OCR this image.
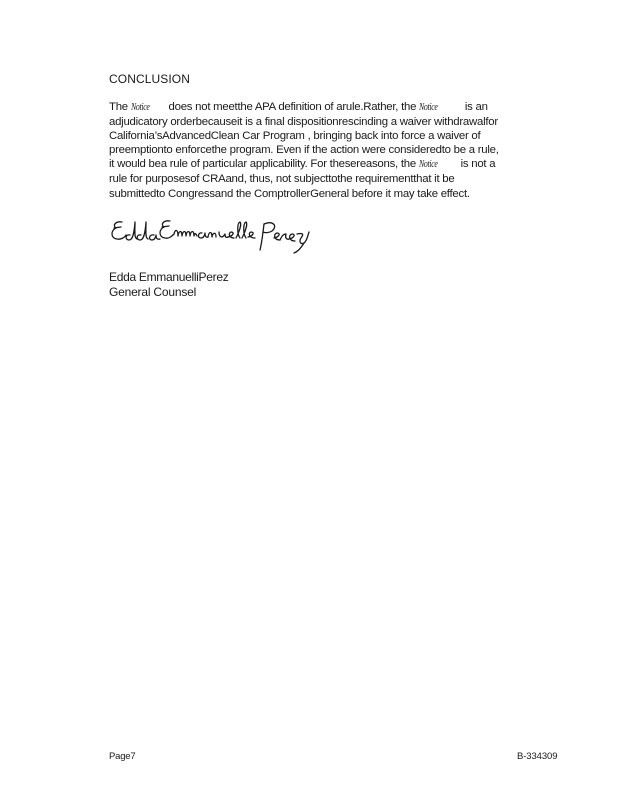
CONCLUSION
The Notice does not meetthe APA definition of arule.Rather, the Notice is an
adjudicatory orderbecauseit is a final dispositionrescinding a waiver withdrawalfor
California’sAdvancedClean Car Program , bringing back into force a waiver of
preemptionto enforcethe program. Even if the action were consideredto be a rule,
it would bea rule of particular applicability. For thesereasons, the Notice is not a
rule for purposesof CRAand, thus, not subjecttothe requirementthat it be
submittedto Congressand the ComptrollerGeneral before it may take effect.
Edda EmmanuelliPerez
General Counsel
Page7	B-334309
